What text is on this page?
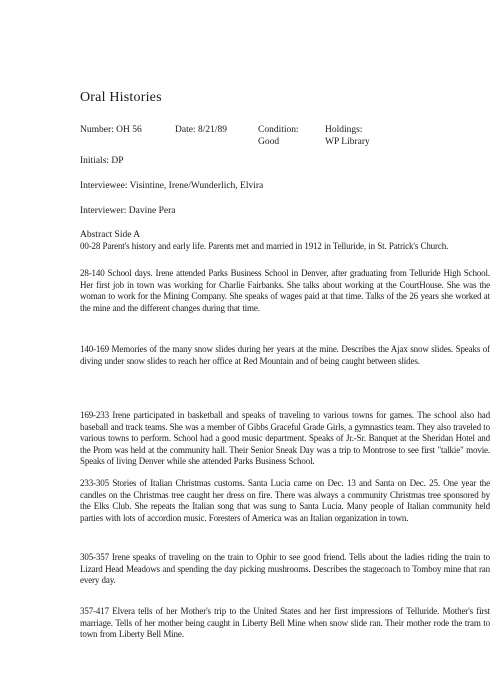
Oral Histories
Number: OH 56	Date: 8/21/89	Condition:
Good
Holdings:
WP Library
Initials: DP
Interviewee: Visintine, Irene/Wunderlich, Elvira
Interviewer: Davine Pera
Abstract Side A
00-28 Parent's history and early life. Parents met and married in 1912 in Telluride, in St. Patrick's Church.
28-140 School days. Irene attended Parks Business School in Denver, after graduating from Telluride High School. Her first job in town was working for Charlie Fairbanks. She talks about working at the CourtHouse. She was the woman to work for the Mining Company. She speaks of wages paid at that time. Talks of the 26 years she worked at the mine and the different changes during that time.
140-169 Memories of the many snow slides during her years at the mine. Describes the Ajax snow slides. Speaks of diving under snow slides to reach her office at Red Mountain and of being caught between slides.
169-233 Irene participated in basketball and speaks of traveling to various towns for games. The school also had baseball and track teams. She was a member of Gibbs Graceful Grade Girls, a gymnastics team. They also traveled to various towns to perform. School had a good music department. Speaks of Jr.-Sr. Banquet at the Sheridan Hotel and the Prom was held at the community hall. Their Senior Sneak Day was a trip to Montrose to see first "talkie" movie. Speaks of living Denver while she attended Parks Business School.
233-305 Stories of Italian Christmas customs. Santa Lucia came on Dec. 13 and Santa on Dec. 25. One year the candles on the Christmas tree caught her dress on fire. There was always a community Christmas tree sponsored by the Elks Club. She repeats the Italian song that was sung to Santa Lucia. Many people of Italian community held parties with lots of accordion music. Foresters of America was an Italian organization in town.
305-357 Irene speaks of traveling on the train to Ophir to see good friend. Tells about the ladies riding the train to Lizard Head Meadows and spending the day picking mushrooms. Describes the stagecoach to Tomboy mine that ran every day.
357-417 Elvera tells of her Mother's trip to the United States and her first impressions of Telluride. Mother's first marriage. Tells of her mother being caught in Liberty Bell Mine when snow slide ran. Their mother rode the tram to town from Liberty Bell Mine.
